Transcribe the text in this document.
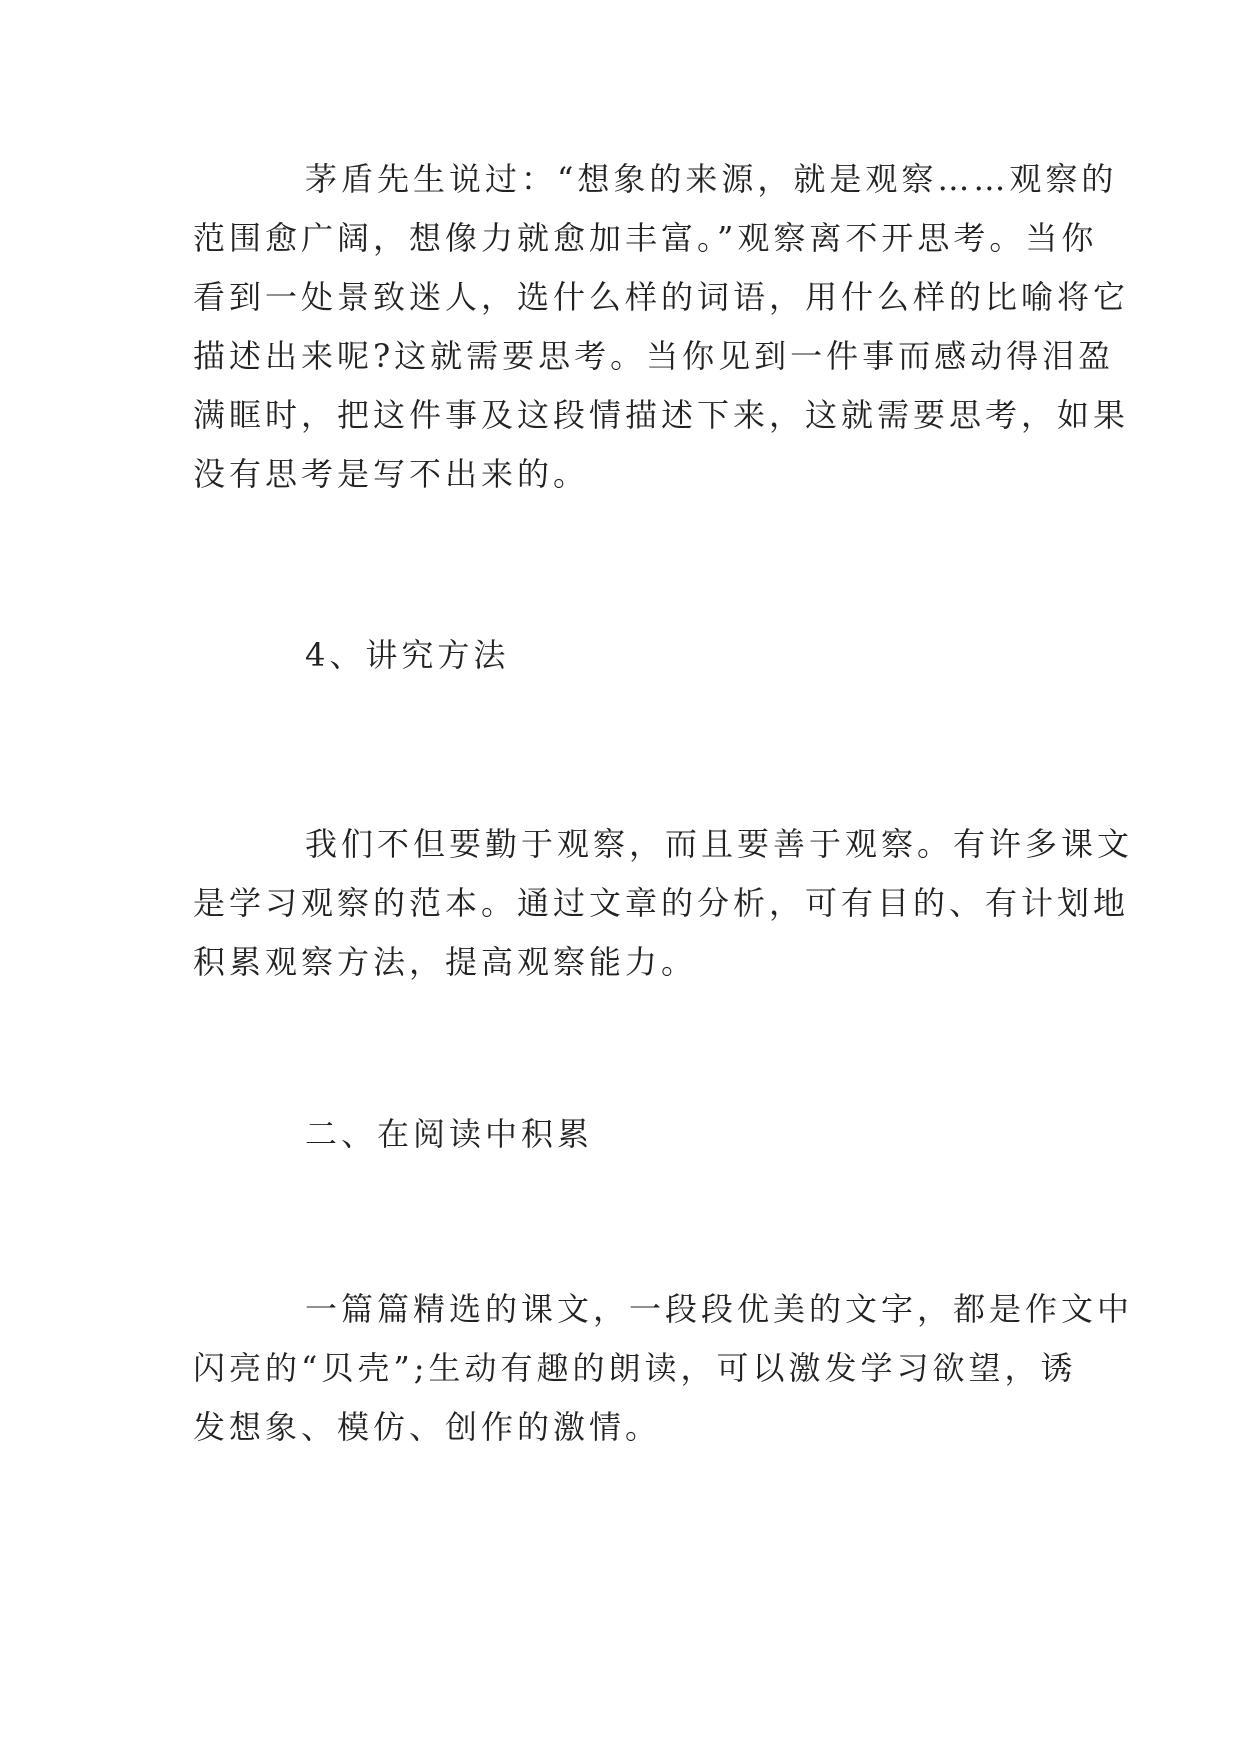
茅盾先生说过：“想象的来源，就是观察……观察的
范围愈广阔，想像力就愈加丰富。”观察离不开思考。当你
看到一处景致迷人，选什么样的词语，用什么样的比喻将它
描述出来呢?这就需要思考。当你见到一件事而感动得泪盈
满眶时，把这件事及这段情描述下来，这就需要思考，如果
没有思考是写不出来的。
4、讲究方法
我们不但要勤于观察，而且要善于观察。有许多课文
是学习观察的范本。通过文章的分析，可有目的、有计划地
积累观察方法，提高观察能力。
二、在阅读中积累
一篇篇精选的课文，一段段优美的文字，都是作文中
闪亮的“贝壳”;生动有趣的朗读，可以激发学习欲望，诱
发想象、模仿、创作的激情。
